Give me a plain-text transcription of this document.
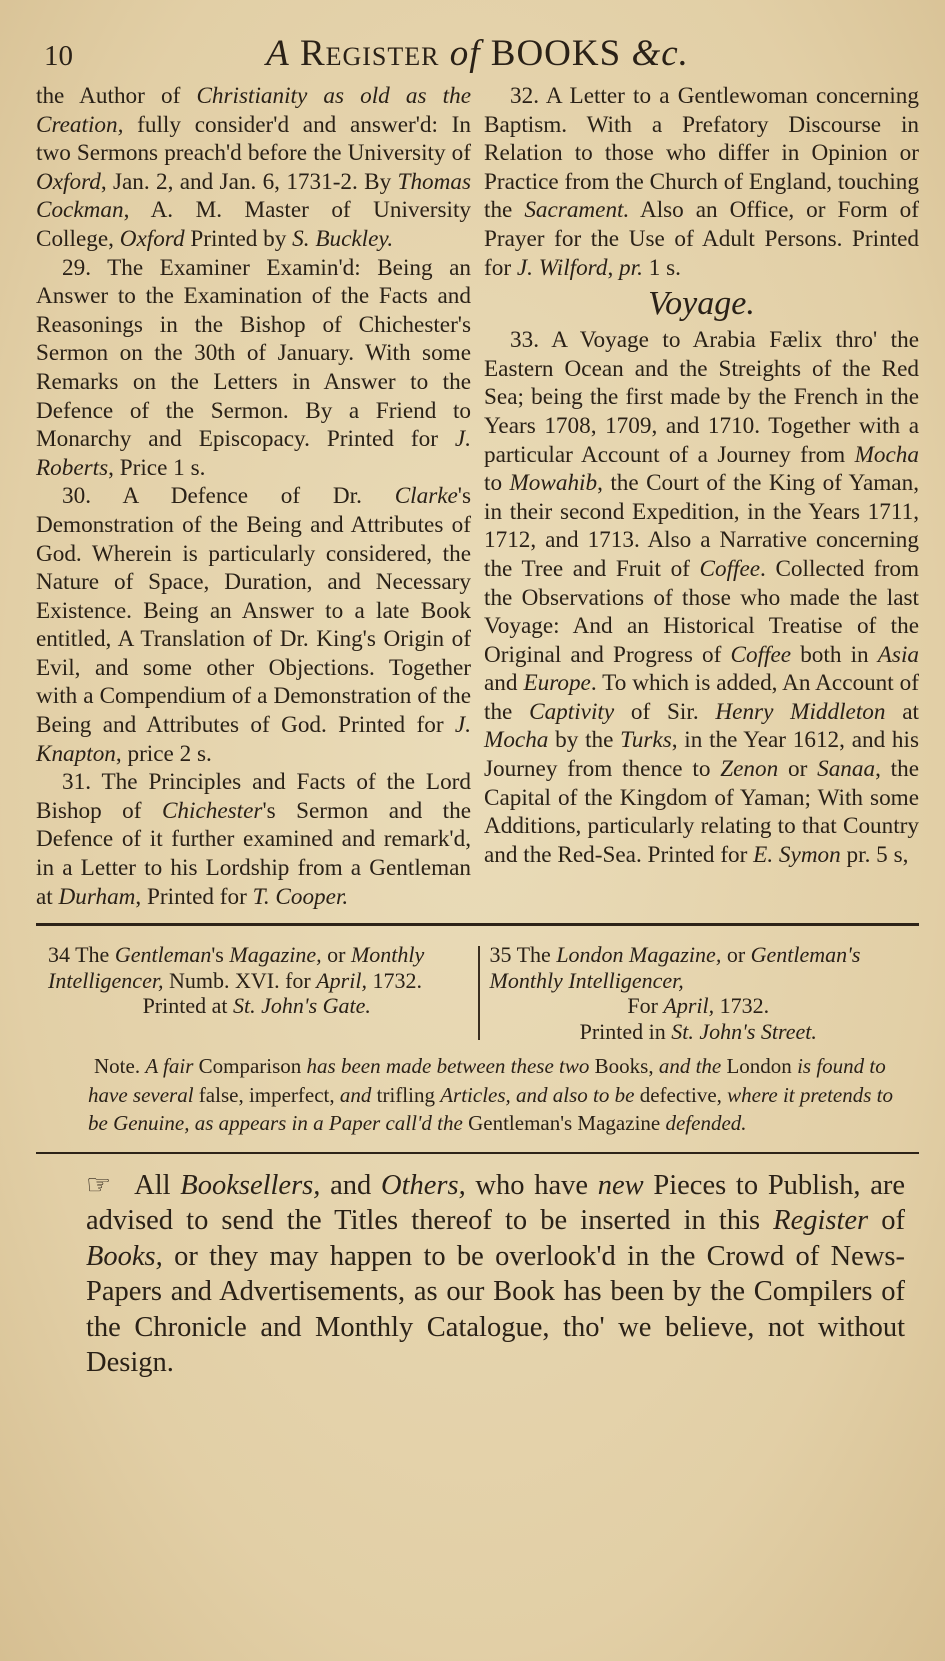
10	A Register of BOOKS &c.

the Author of Christianity as old as the Creation, fully consider'd and answer'd: In two Sermons preach'd before the University of Oxford, Jan. 2, and Jan. 6, 1731-2. By Thomas Cockman, A. M. Master of University College, Oxford Printed by S. Buckley.

29. The Examiner Examin'd: Being an Answer to the Examination of the Facts and Reasonings in the Bishop of Chichester's Sermon on the 30th of January. With some Remarks on the Letters in Answer to the Defence of the Sermon. By a Friend to Monarchy and Episcopacy. Printed for J. Roberts, Price 1 s.

30. A Defence of Dr. Clarke's Demonstration of the Being and Attributes of God. Wherein is particularly considered, the Nature of Space, Duration, and Necessary Existence. Being an Answer to a late Book entitled, A Translation of Dr. King's Origin of Evil, and some other Objections. Together with a Compendium of a Demonstration of the Being and Attributes of God. Printed for J. Knapton, price 2 s.

31. The Principles and Facts of the Lord Bishop of Chichester's Sermon and the Defence of it further examined and remark'd, in a Letter to his Lordship from a Gentleman at Durham, Printed for T. Cooper.

32. A Letter to a Gentlewoman concerning Baptism. With a Prefatory Discourse in Relation to those who differ in Opinion or Practice from the Church of England, touching the Sacrament. Also an Office, or Form of Prayer for the Use of Adult Persons. Printed for J. Wilford, pr. 1 s.

Voyage.

33. A Voyage to Arabia Fælix thro' the Eastern Ocean and the Streights of the Red Sea; being the first made by the French in the Years 1708, 1709, and 1710. Together with a particular Account of a Journey from Mocha to Mowahib, the Court of the King of Yaman, in their second Expedition, in the Years 1711, 1712, and 1713. Also a Narrative concerning the Tree and Fruit of Coffee. Collected from the Observations of those who made the last Voyage: And an Historical Treatise of the Original and Progress of Coffee both in Asia and Europe. To which is added, An Account of the Captivity of Sir. Henry Middleton at Mocha by the Turks, in the Year 1612, and his Journey from thence to Zenon or Sanaa, the Capital of the Kingdom of Yaman; With some Additions, particularly relating to that Country and the Red-Sea. Printed for E. Symon pr. 5 s,

34 The Gentleman's Magazine, or Monthly Intelligencer, Numb. XVI. for April, 1732.
Printed at St. John's Gate.
35 The London Magazine, or Gentleman's Monthly Intelligencer,
For April, 1732.
Printed in St. John's Street.

Note. A fair Comparison has been made between these two Books, and the London is found to have several false, imperfect, and trifling Articles, and also to be defective, where it pretends to be Genuine, as appears in a Paper call'd the Gentleman's Magazine defended.

☞ All Booksellers, and Others, who have new Pieces to Publish, are advised to send the Titles thereof to be inserted in this Register of Books, or they may happen to be overlook'd in the Crowd of News-Papers and Advertisements, as our Book has been by the Compilers of the Chronicle and Monthly Catalogue, tho' we believe, not without Design.
